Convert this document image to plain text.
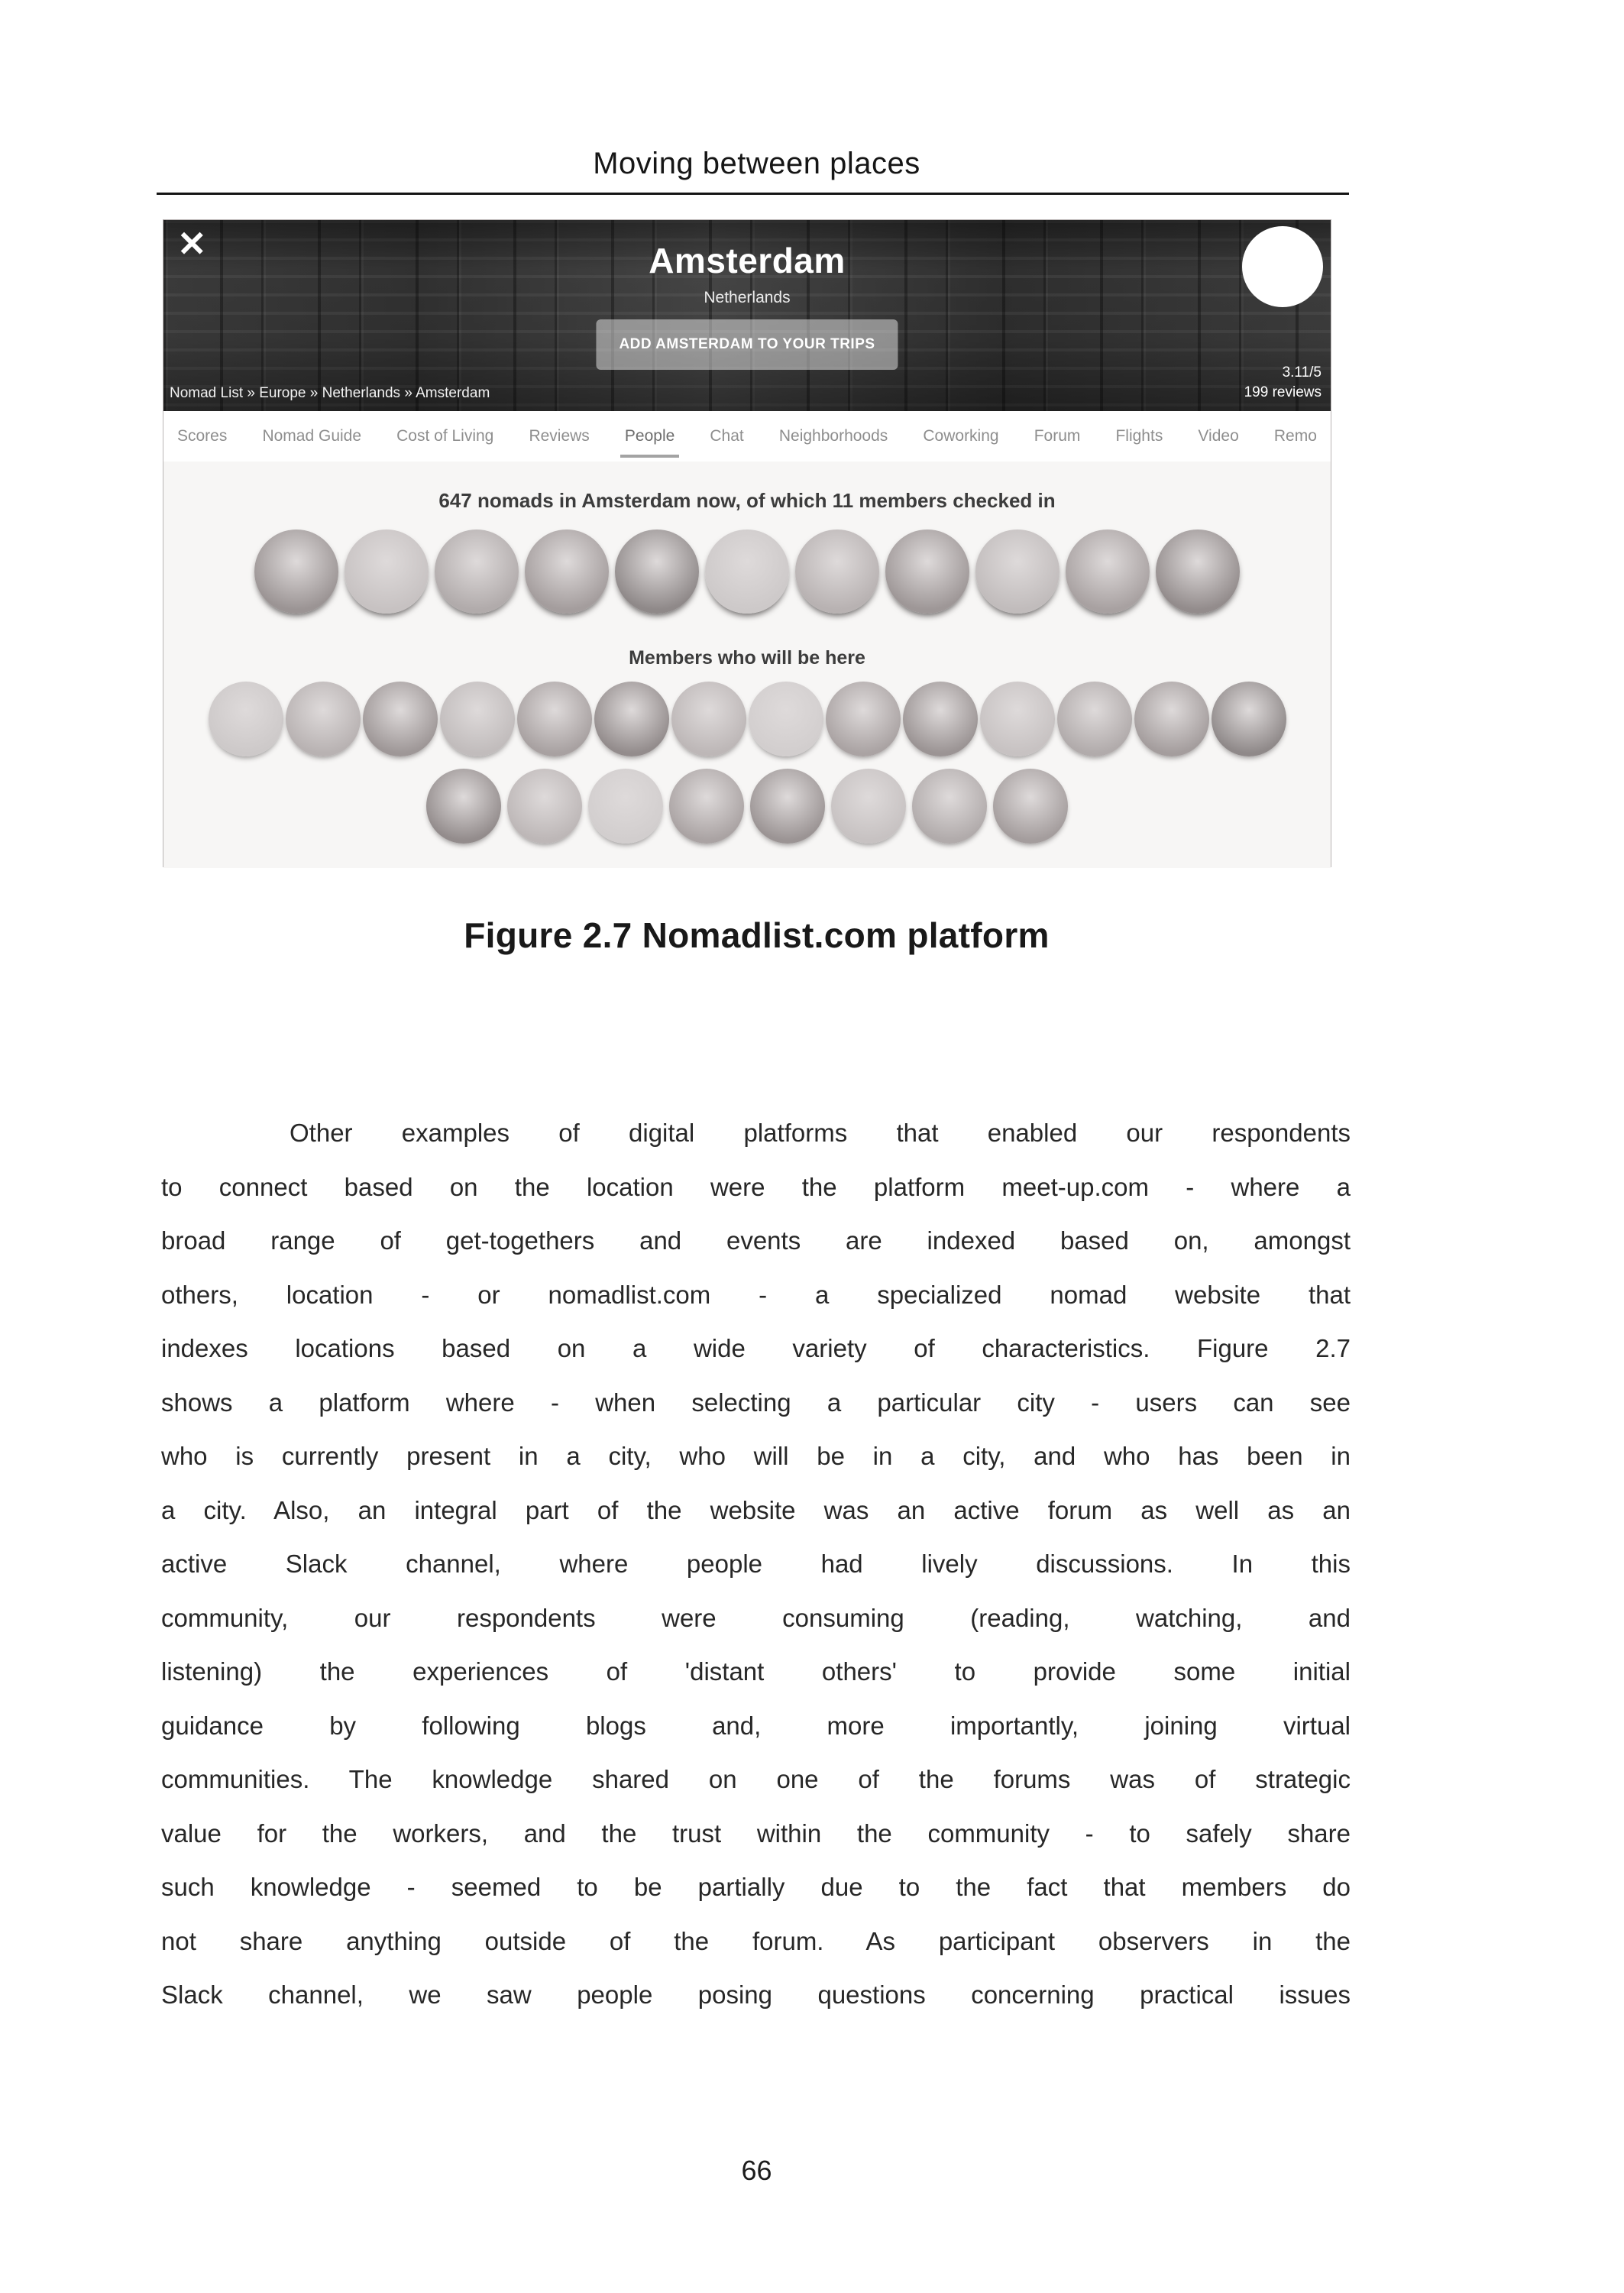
Moving between places
✕	Amsterdam
Netherlands
ADD AMSTERDAM TO YOUR TRIPS
Nomad List » Europe » Netherlands » Amsterdam
3.11/5
199 reviews
Scores Nomad Guide Cost of Living Reviews People Chat Neighborhoods Coworking Forum Flights Video Remo
647 nomads in Amsterdam now, of which 11 members checked in
Members who will be here
Figure 2.7 Nomadlist.com platform
Other examples of digital platforms that enabled our respondents
to connect based on the location were the platform meet-up.com - where a
broad range of get-togethers and events are indexed based on, amongst
others, location - or nomadlist.com - a specialized nomad website that
indexes locations based on a wide variety of characteristics. Figure 2.7
shows a platform where - when selecting a particular city - users can see
who is currently present in a city, who will be in a city, and who has been in
a city. Also, an integral part of the website was an active forum as well as an
active Slack channel, where people had lively discussions. In this
community, our respondents were consuming (reading, watching, and
listening) the experiences of 'distant others' to provide some initial
guidance by following blogs and, more importantly, joining virtual
communities. The knowledge shared on one of the forums was of strategic
value for the workers, and the trust within the community - to safely share
such knowledge - seemed to be partially due to the fact that members do
not share anything outside of the forum. As participant observers in the
Slack channel, we saw people posing questions concerning practical issues
66
